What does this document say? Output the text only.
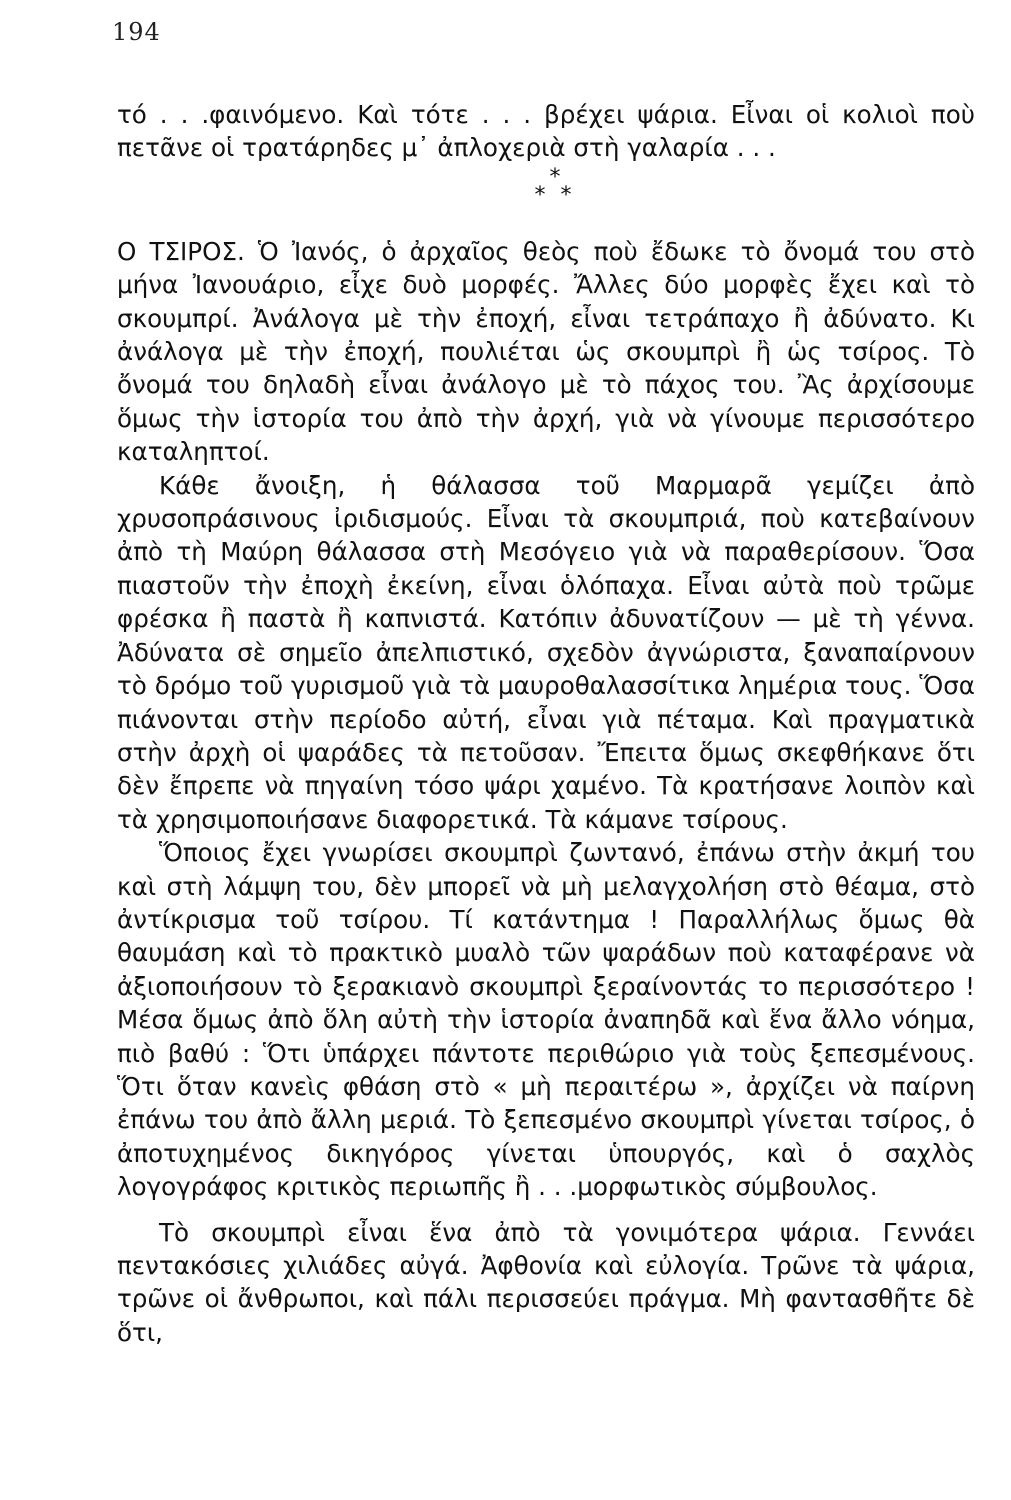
194

τό . . .φαινόμενο. Καὶ τότε . . . βρέχει ψάρια. Εἶναι οἱ κολιοὶ ποὺ πετᾶνε οἱ τρατάρηδες μ᾽ ἀπλοχεριὰ στὴ γαλαρία . . .

*
* *

Ο ΤΣΙΡΟΣ. Ὁ Ἰανός, ὁ ἀρχαῖος θεὸς ποὺ ἔδωκε τὸ ὄνομά του στὸ μήνα Ἰανουάριο, εἶχε δυὸ μορφές. Ἄλλες δύο μορφὲς ἔχει καὶ τὸ σκουμπρί. Ἀνάλογα μὲ τὴν ἐποχή, εἶναι τετράπαχο ἢ ἀδύνατο. Κι ἀνάλογα μὲ τὴν ἐποχή, πουλιέται ὡς σκουμπρὶ ἢ ὡς τσίρος. Τὸ ὄνομά του δηλαδὴ εἶναι ἀνάλογο μὲ τὸ πάχος του. Ἂς ἀρχίσουμε ὅμως τὴν ἱστορία του ἀπὸ τὴν ἀρχή, γιὰ νὰ γίνουμε περισσότερο καταληπτοί.

Κάθε ἄνοιξη, ἡ θάλασσα τοῦ Μαρμαρᾶ γεμίζει ἀπὸ χρυσοπράσινους ἰριδισμούς. Εἶναι τὰ σκουμπριά, ποὺ κατεβαίνουν ἀπὸ τὴ Μαύρη θάλασσα στὴ Μεσόγειο γιὰ νὰ παραθερίσουν. Ὅσα πιαστοῦν τὴν ἐποχὴ ἐκείνη, εἶναι ὁλόπαχα. Εἶναι αὐτὰ ποὺ τρῶμε φρέσκα ἢ παστὰ ἢ καπνιστά. Κατόπιν ἀδυνατίζουν — μὲ τὴ γέννα. Ἀδύνατα σὲ σημεῖο ἀπελπιστικό, σχεδὸν ἀγνώριστα, ξαναπαίρνουν τὸ δρόμο τοῦ γυρισμοῦ γιὰ τὰ μαυροθαλασσίτικα λημέρια τους. Ὅσα πιάνονται στὴν περίοδο αὐτή, εἶναι γιὰ πέταμα. Καὶ πραγματικὰ στὴν ἀρχὴ οἱ ψαράδες τὰ πετοῦσαν. Ἔπειτα ὅμως σκεφθήκανε ὅτι δὲν ἔπρεπε νὰ πηγαίνη τόσο ψάρι χαμένο. Τὰ κρατήσανε λοιπὸν καὶ τὰ χρησιμοποιήσανε διαφορετικά. Τὰ κάμανε τσίρους.

Ὅποιος ἔχει γνωρίσει σκουμπρὶ ζωντανό, ἐπάνω στὴν ἀκμή του καὶ στὴ λάμψη του, δὲν μπορεῖ νὰ μὴ μελαγχολήση στὸ θέαμα, στὸ ἀντίκρισμα τοῦ τσίρου. Τί κατάντημα ! Παραλλήλως ὅμως θὰ θαυμάση καὶ τὸ πρακτικὸ μυαλὸ τῶν ψαράδων ποὺ καταφέρανε νὰ ἀξιοποιήσουν τὸ ξερακιανὸ σκουμπρὶ ξεραίνοντάς το περισσότερο ! Μέσα ὅμως ἀπὸ ὅλη αὐτὴ τὴν ἱστορία ἀναπηδᾶ καὶ ἕνα ἄλλο νόημα, πιὸ βαθύ : Ὅτι ὑπάρχει πάντοτε περιθώριο γιὰ τοὺς ξεπεσμένους. Ὅτι ὅταν κανεὶς φθάση στὸ « μὴ περαιτέρω », ἀρχίζει νὰ παίρνη ἐπάνω του ἀπὸ ἄλλη μεριά. Τὸ ξεπεσμένο σκουμπρὶ γίνεται τσίρος, ὁ ἀποτυχημένος δικηγόρος γίνεται ὑπουργός, καὶ ὁ σαχλὸς λογογράφος κριτικὸς περιωπῆς ἢ . . .μορφωτικὸς σύμβουλος.

Τὸ σκουμπρὶ εἶναι ἕνα ἀπὸ τὰ γονιμότερα ψάρια. Γεννάει πεντακόσιες χιλιάδες αὐγά. Ἀφθονία καὶ εὐλογία. Τρῶνε τὰ ψάρια, τρῶνε οἱ ἄνθρωποι, καὶ πάλι περισσεύει πράγμα. Μὴ φαντασθῆτε δὲ ὅτι,
